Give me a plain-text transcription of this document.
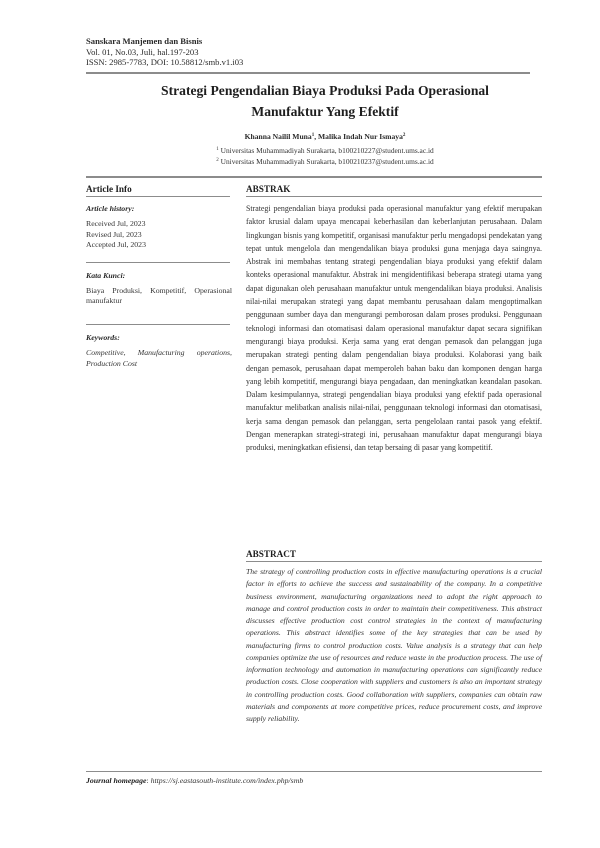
Sanskara Manjemen dan Bisnis
Vol. 01, No.03, Juli, hal.197-203
ISSN: 2985-7783, DOI: 10.58812/smb.v1.i03
Strategi Pengendalian Biaya Produksi Pada Operasional
Manufaktur Yang Efektif
Khanna Nailil Muna$^1$, Malika Indah Nur Ismaya$^2$
$^1$ Universitas Muhammadiyah Surakarta, b100210227@student.ums.ac.id
$^2$ Universitas Muhammadiyah Surakarta, b100210237@student.ums.ac.id
Article Info
Article history:
Received Jul, 2023
Revised Jul, 2023
Accepted Jul, 2023
Kata Kunci:
Biaya Produksi, Kompetitif, Operasional manufaktur
Keywords:
Competitive, Manufacturing operations, Production Cost
ABSTRAK
Strategi pengendalian biaya produksi pada operasional manufaktur yang efektif merupakan faktor krusial dalam upaya mencapai keberhasilan dan keberlanjutan perusahaan. Dalam lingkungan bisnis yang kompetitif, organisasi manufaktur perlu mengadopsi pendekatan yang tepat untuk mengelola dan mengendalikan biaya produksi guna menjaga daya saingnya. Abstrak ini membahas tentang strategi pengendalian biaya produksi yang efektif dalam konteks operasional manufaktur. Abstrak ini mengidentifikasi beberapa strategi utama yang dapat digunakan oleh perusahaan manufaktur untuk mengendalikan biaya produksi. Analisis nilai-nilai merupakan strategi yang dapat membantu perusahaan dalam mengoptimalkan penggunaan sumber daya dan mengurangi pemborosan dalam proses produksi. Penggunaan teknologi informasi dan otomatisasi dalam operasional manufaktur dapat secara signifikan mengurangi biaya produksi. Kerja sama yang erat dengan pemasok dan pelanggan juga merupakan strategi penting dalam pengendalian biaya produksi. Kolaborasi yang baik dengan pemasok, perusahaan dapat memperoleh bahan baku dan komponen dengan harga yang lebih kompetitif, mengurangi biaya pengadaan, dan meningkatkan keandalan pasokan. Dalam kesimpulannya, strategi pengendalian biaya produksi yang efektif pada operasional manufaktur melibatkan analisis nilai-nilai, penggunaan teknologi informasi dan otomatisasi, kerja sama dengan pemasok dan pelanggan, serta pengelolaan rantai pasok yang efektif. Dengan menerapkan strategi-strategi ini, perusahaan manufaktur dapat mengurangi biaya produksi, meningkatkan efisiensi, dan tetap bersaing di pasar yang kompetitif.
ABSTRACT
The strategy of controlling production costs in effective manufacturing operations is a crucial factor in efforts to achieve the success and sustainability of the company. In a competitive business environment, manufacturing organizations need to adopt the right approach to manage and control production costs in order to maintain their competitiveness. This abstract discusses effective production cost control strategies in the context of manufacturing operations. This abstract identifies some of the key strategies that can be used by manufacturing firms to control production costs. Value analysis is a strategy that can help companies optimize the use of resources and reduce waste in the production process. The use of information technology and automation in manufacturing operations can significantly reduce production costs. Close cooperation with suppliers and customers is also an important strategy in controlling production costs. Good collaboration with suppliers, companies can obtain raw materials and components at more competitive prices, reduce procurement costs, and improve supply reliability.
Journal homepage: https://sj.eastasouth-institute.com/index.php/smb
